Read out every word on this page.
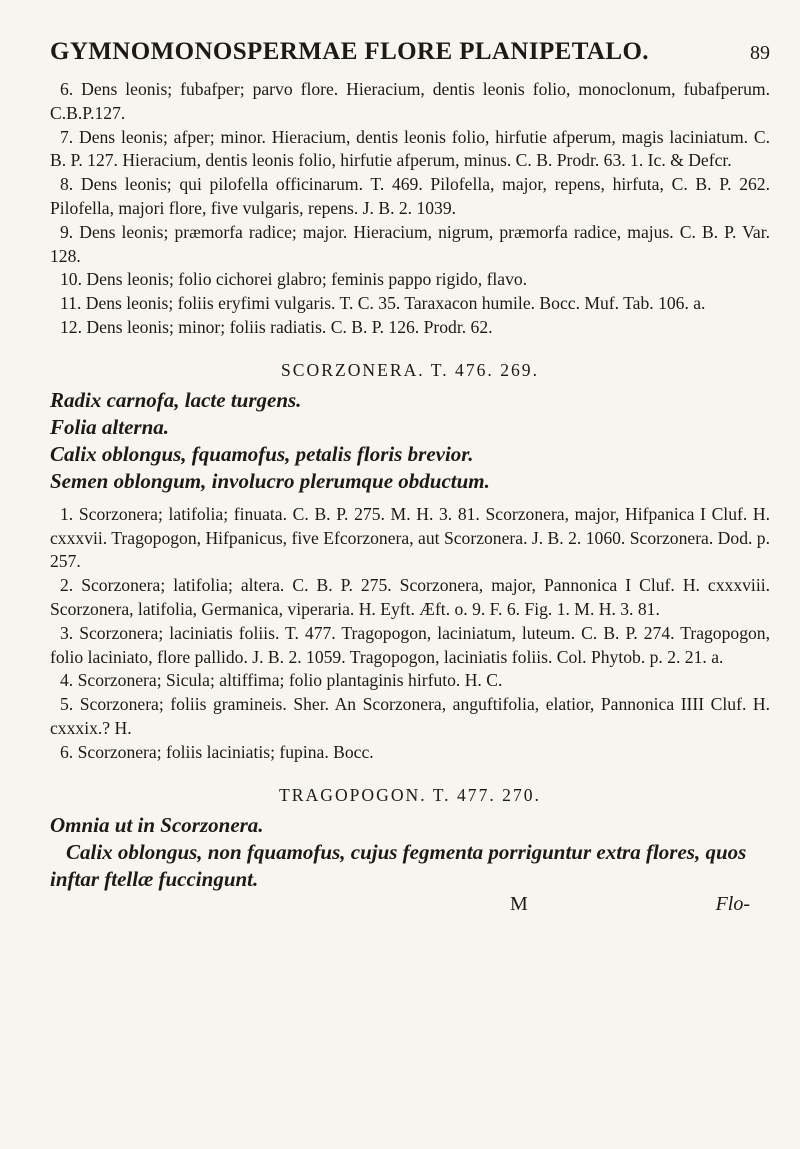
GYMNOMONOSPERMAE FLORE PLANIPETALO.	89

6. Dens leonis; fubafper; parvo flore. Hieracium, dentis leonis folio, monoclonum, fubafperum. C.B.P.127.

7. Dens leonis; afper; minor. Hieracium, dentis leonis folio, hirfutie afperum, magis laciniatum. C. B. P. 127. Hieracium, dentis leonis folio, hirfutie afperum, minus. C. B. Prodr. 63. 1. Ic. & Defcr.

8. Dens leonis; qui pilofella officinarum. T. 469. Pilofella, major, repens, hirfuta, C. B. P. 262. Pilofella, majori flore, five vulgaris, repens. J. B. 2. 1039.

9. Dens leonis; præmorfa radice; major. Hieracium, nigrum, præmorfa radice, majus. C. B. P. Var. 128.

10. Dens leonis; folio cichorei glabro; feminis pappo rigido, flavo.

11. Dens leonis; foliis eryfimi vulgaris. T. C. 35. Taraxacon humile. Bocc. Muf. Tab. 106. a.

12. Dens leonis; minor; foliis radiatis. C. B. P. 126. Prodr. 62.

SCORZONERA. T. 476. 269.

Radix carnofa, lacte turgens.

Folia alterna.

Calix oblongus, fquamofus, petalis floris brevior.

Semen oblongum, involucro plerumque obductum.

1. Scorzonera; latifolia; finuata. C. B. P. 275. M. H. 3. 81. Scorzonera, major, Hifpanica I Cluf. H. cxxxvii. Tragopogon, Hifpanicus, five Efcorzonera, aut Scorzonera. J. B. 2. 1060. Scorzonera. Dod. p. 257.

2. Scorzonera; latifolia; altera. C. B. P. 275. Scorzonera, major, Pannonica I Cluf. H. cxxxviii. Scorzonera, latifolia, Germanica, viperaria. H. Eyft. Æft. o. 9. F. 6. Fig. 1. M. H. 3. 81.

3. Scorzonera; laciniatis foliis. T. 477. Tragopogon, laciniatum, luteum. C. B. P. 274. Tragopogon, folio laciniato, flore pallido. J. B. 2. 1059. Tragopogon, laciniatis foliis. Col. Phytob. p. 2. 21. a.

4. Scorzonera; Sicula; altiffima; folio plantaginis hirfuto. H. C.

5. Scorzonera; foliis gramineis. Sher. An Scorzonera, anguftifolia, elatior, Pannonica IIII Cluf. H. cxxxix.? H.

6. Scorzonera; foliis laciniatis; fupina. Bocc.

TRAGOPOGON. T. 477. 270.

Omnia ut in Scorzonera.

Calix oblongus, non fquamofus, cujus fegmenta porriguntur extra flores, quos inftar ftellæ fuccingunt.

M	Flo-
